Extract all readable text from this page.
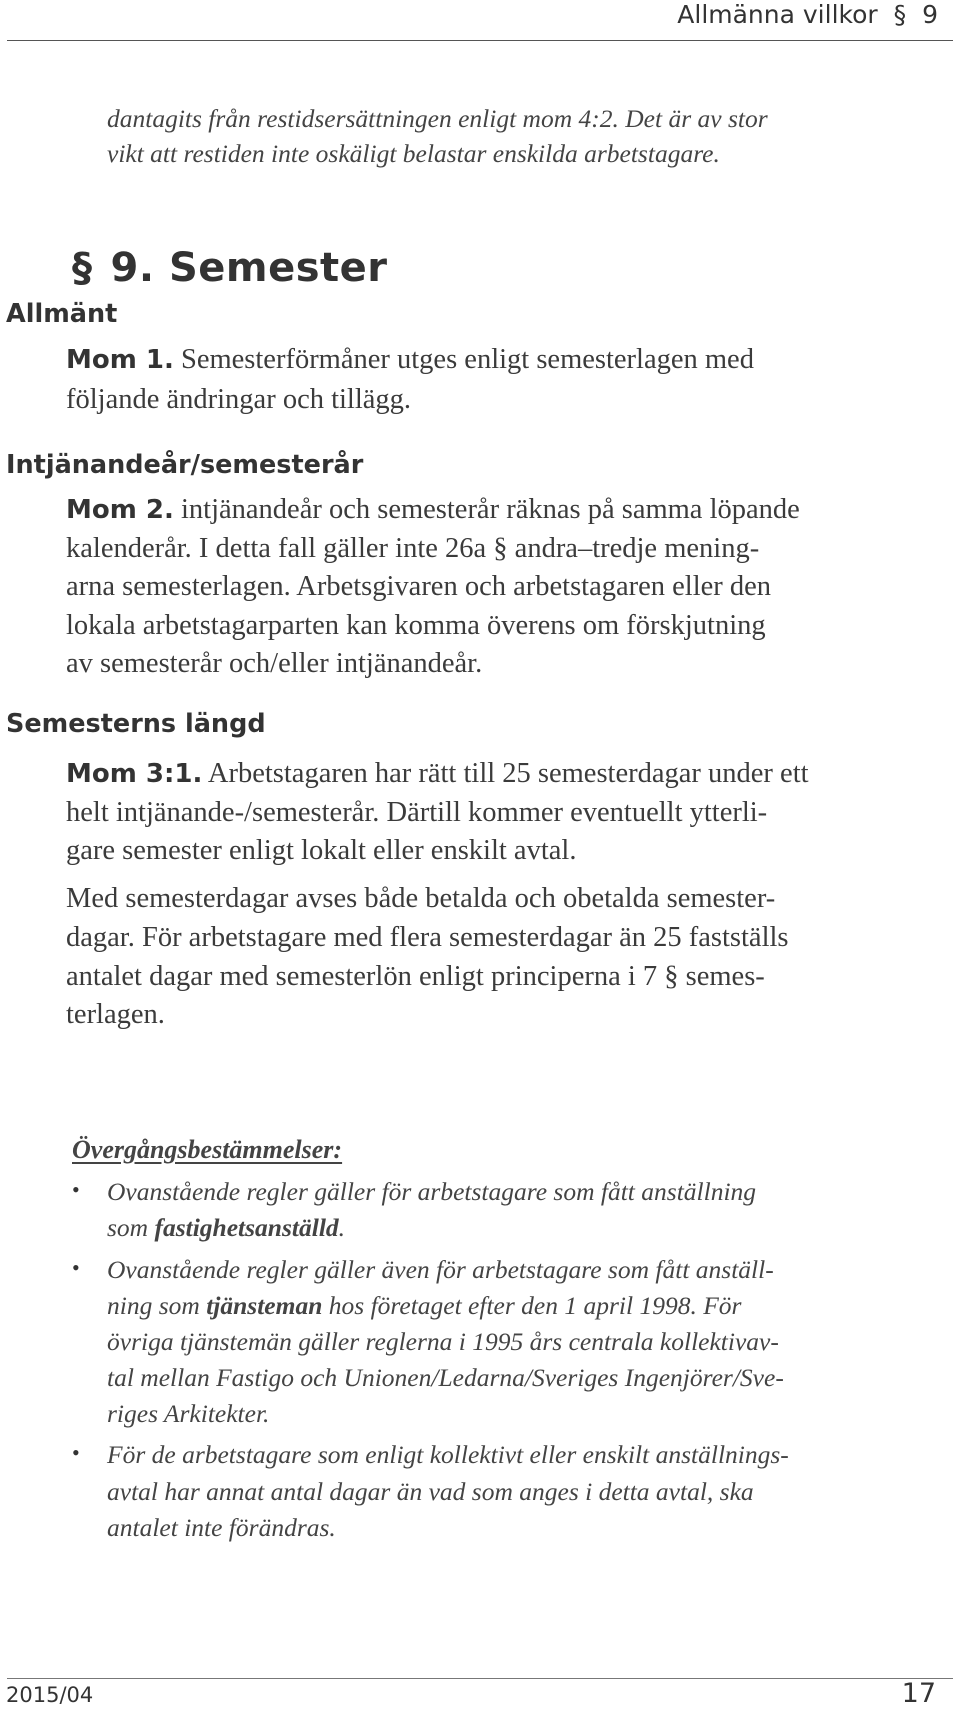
Allmänna villkor § 9
dantagits från restidsersättningen enligt mom 4:2. Det är av stor
vikt att restiden inte oskäligt belastar enskilda arbetstagare.
§ 9. Semester
Allmänt
Mom 1. Semesterförmåner utges enligt semesterlagen med
följande ändringar och tillägg.
Intjänandeår/semesterår
Mom 2. intjänandeår och semesterår räknas på samma löpande
kalenderår. I detta fall gäller inte 26a § andra–tredje mening-
arna semesterlagen. Arbetsgivaren och arbetstagaren eller den
lokala arbetstagarparten kan komma överens om förskjutning
av semesterår och/eller intjänandeår.
Semesterns längd
Mom 3:1. Arbetstagaren har rätt till 25 semesterdagar under ett
helt intjänande-/semesterår. Därtill kommer eventuellt ytterli-
gare semester enligt lokalt eller enskilt avtal.
Med semesterdagar avses både betalda och obetalda semester-
dagar. För arbetstagare med flera semesterdagar än 25 fastställs
antalet dagar med semesterlön enligt principerna i 7 § semes-
terlagen.
Övergångsbestämmelser:
• Ovanstående regler gäller för arbetstagare som fått anställning
som fastighetsanställd.
• Ovanstående regler gäller även för arbetstagare som fått anställ-
ning som tjänsteman hos företaget efter den 1 april 1998. För
övriga tjänstemän gäller reglerna i 1995 års centrala kollektivav-
tal mellan Fastigo och Unionen/Ledarna/Sveriges Ingenjörer/Sve-
riges Arkitekter.
• För de arbetstagare som enligt kollektivt eller enskilt anställnings-
avtal har annat antal dagar än vad som anges i detta avtal, ska
antalet inte förändras.
2015/04	17
